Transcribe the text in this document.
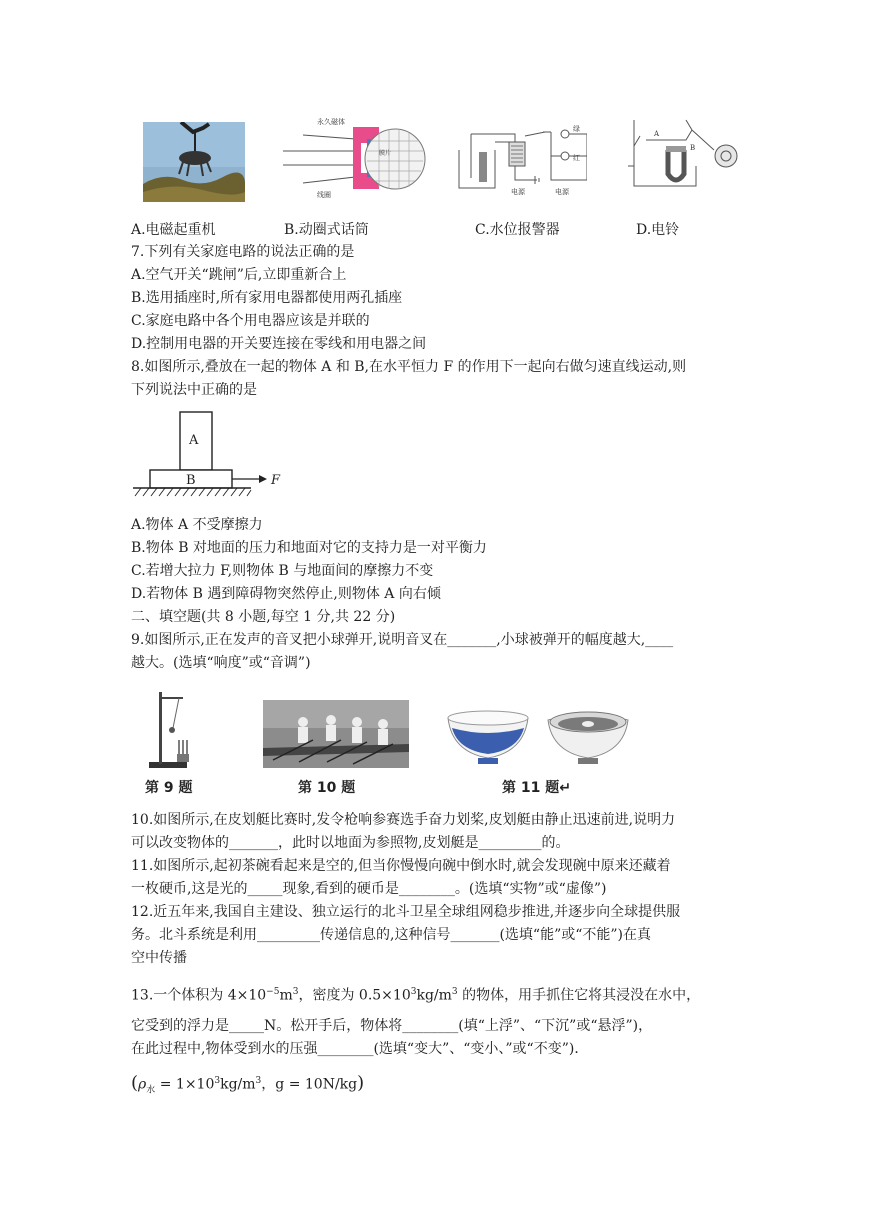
永久磁体
线圈
膜片
绿
红
电源	电源
A
B
A.电磁起重机	B.动圈式话筒	C.水位报警器	D.电铃
7.下列有关家庭电路的说法正确的是
A.空气开关“跳闸”后,立即重新合上
B.选用插座时,所有家用电器都使用两孔插座
C.家庭电路中各个用电器应该是并联的
D.控制用电器的开关要连接在零线和用电器之间
8.如图所示,叠放在一起的物体 A 和 B,在水平恒力 F 的作用下一起向右做匀速直线运动,则
下列说法中正确的是
A
B	F
A.物体 A 不受摩擦力
B.物体 B 对地面的压力和地面对它的支持力是一对平衡力
C.若增大拉力 F,则物体 B 与地面间的摩擦力不变
D.若物体 B 遇到障碍物突然停止,则物体 A 向右倾
二、填空题(共 8 小题,每空 1 分,共 22 分)
9.如图所示,正在发声的音叉把小球弹开,说明音叉在_______,小球被弹开的幅度越大,____
越大。(选填“响度”或“音调”)
第 9 题	第 10 题	第 11 题↵
10.如图所示,在皮划艇比赛时,发令枪响参赛选手奋力划桨,皮划艇由静止迅速前进,说明力
可以改变物体的_______，此时以地面为参照物,皮划艇是_________的。
11.如图所示,起初茶碗看起来是空的,但当你慢慢向碗中倒水时,就会发现碗中原来还藏着
一枚硬币,这是光的_____现象,看到的硬币是________。(选填“实物”或“虚像”)
12.近五年来,我国自主建设、独立运行的北斗卫星全球组网稳步推进,并逐步向全球提供服
务。北斗系统是利用_________传递信息的,这种信号_______(选填“能”或“不能”)在真
空中传播
13.一个体积为 $4\times 10^{-5}m^3$，密度为 $0.5\times 10^3kg/m^3$ 的物体，用手抓住它将其浸没在水中，
它受到的浮力是_____N。松开手后，物体将________(填“上浮”、“下沉”或“悬浮”)，
在此过程中,物体受到水的压强________(选填“变大”、“变小、”或“不变”)．
($\rho_水 = 1\times 10^3kg/m^3$，g = 10N/kg)
